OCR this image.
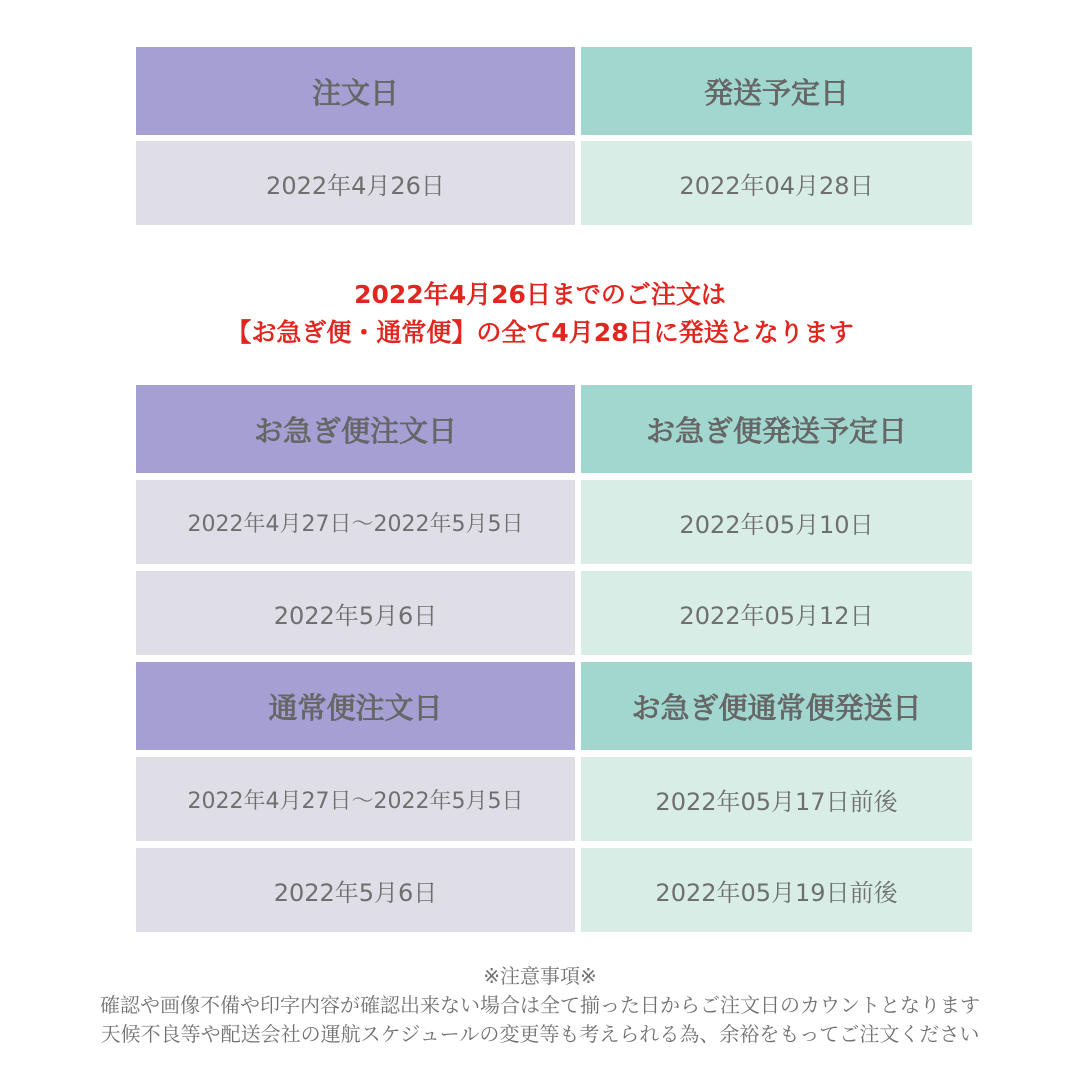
注文日	発送予定日
2022年4月26日	2022年04月28日
2022年4月26日までのご注文は
【お急ぎ便・通常便】の全て4月28日に発送となります
お急ぎ便注文日	お急ぎ便発送予定日
2022年4月27日～2022年5月5日	2022年05月10日
2022年5月6日	2022年05月12日
通常便注文日	お急ぎ便通常便発送日
2022年4月27日～2022年5月5日	2022年05月17日前後
2022年5月6日	2022年05月19日前後
※注意事項※
確認や画像不備や印字内容が確認出来ない場合は全て揃った日からご注文日のカウントとなります
天候不良等や配送会社の運航スケジュールの変更等も考えられる為、余裕をもってご注文ください
